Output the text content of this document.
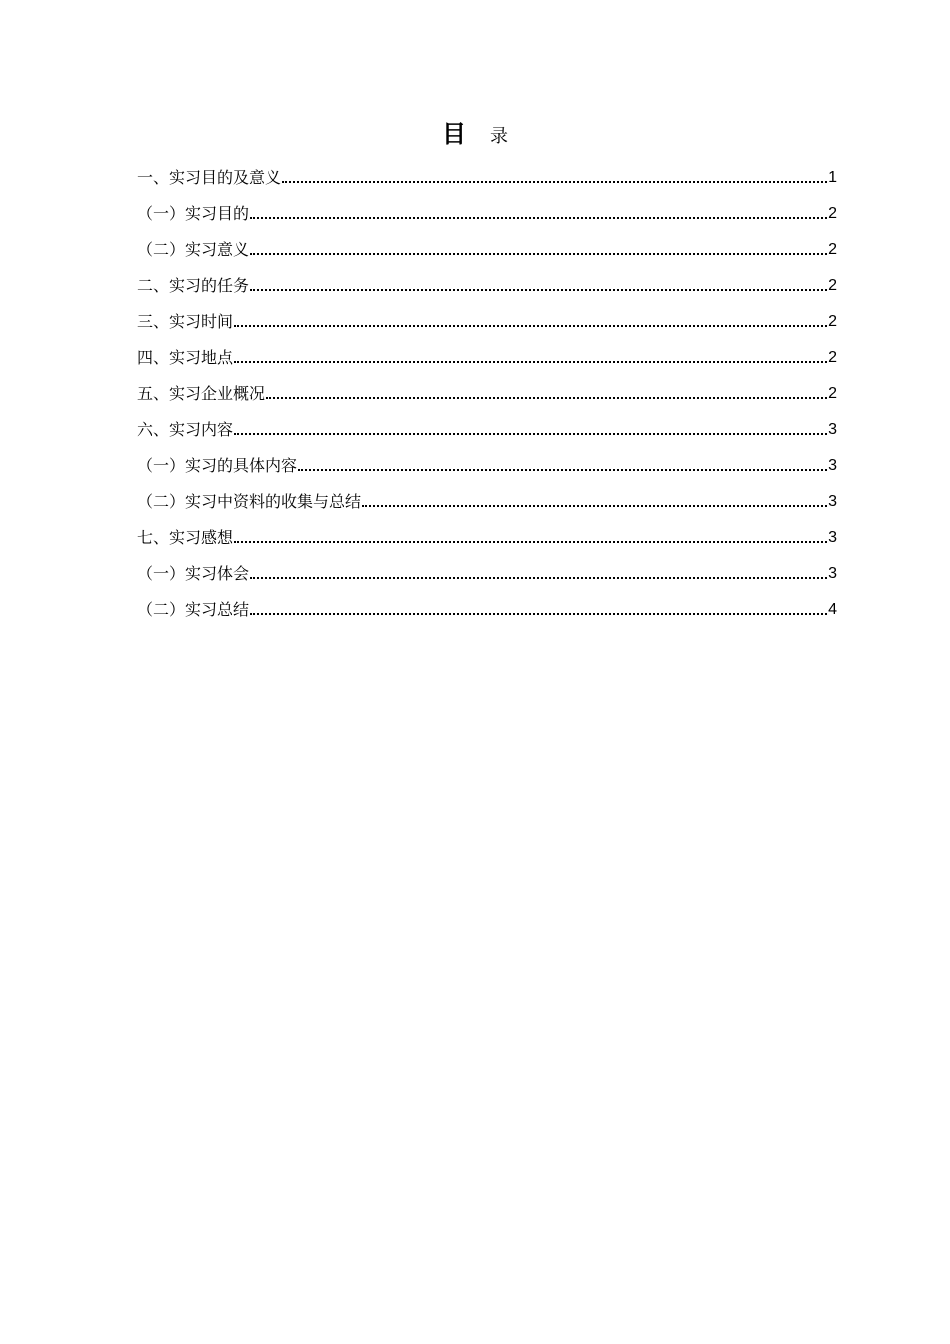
目 录
一、实习目的及意义	1
（一）实习目的	2
（二）实习意义	2
二、实习的任务	2
三、实习时间	2
四、实习地点	2
五、实习企业概况	2
六、实习内容	3
（一）实习的具体内容	3
（二）实习中资料的收集与总结	3
七、实习感想	3
（一）实习体会	3
（二）实习总结	4
